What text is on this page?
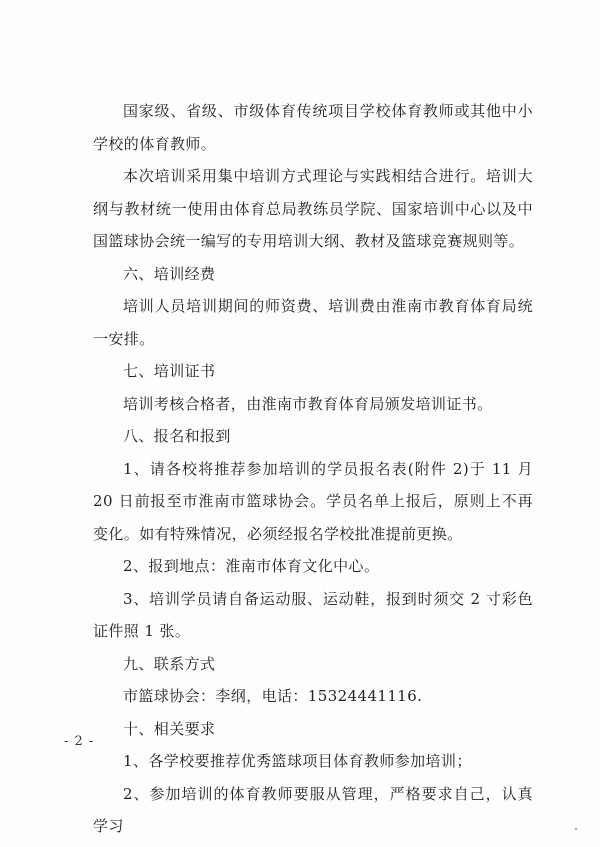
国家级、省级、市级体育传统项目学校体育教师或其他中小学校的体育教师。

本次培训采用集中培训方式理论与实践相结合进行。培训大纲与教材统一使用由体育总局教练员学院、国家培训中心以及中国篮球协会统一编写的专用培训大纲、教材及篮球竞赛规则等。

六、培训经费

培训人员培训期间的师资费、培训费由淮南市教育体育局统一安排。

七、培训证书

培训考核合格者，由淮南市教育体育局颁发培训证书。

八、报名和报到

1、请各校将推荐参加培训的学员报名表(附件 2)于 11 月 20 日前报至市淮南市篮球协会。学员名单上报后，原则上不再变化。如有特殊情况，必须经报名学校批准提前更换。

2、报到地点：淮南市体育文化中心。

3、培训学员请自备运动服、运动鞋，报到时须交 2 寸彩色证件照 1 张。

九、联系方式

市篮球协会：李纲，电话：15324441116.

十、相关要求

1、各学校要推荐优秀篮球项目体育教师参加培训；

2、参加培训的体育教师要服从管理，严格要求自己，认真学习

- 2 -
